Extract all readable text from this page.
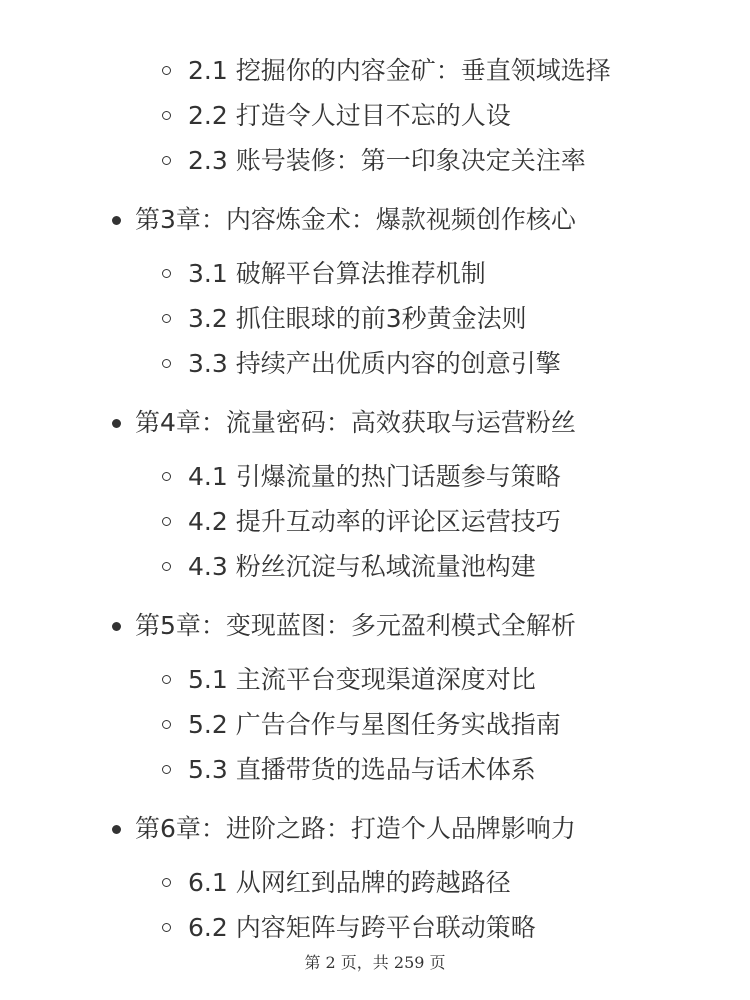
2.1 挖掘你的内容金矿：垂直领域选择
2.2 打造令人过目不忘的人设
2.3 账号装修：第一印象决定关注率
第3章：内容炼金术：爆款视频创作核心
3.1 破解平台算法推荐机制
3.2 抓住眼球的前3秒黄金法则
3.3 持续产出优质内容的创意引擎
第4章：流量密码：高效获取与运营粉丝
4.1 引爆流量的热门话题参与策略
4.2 提升互动率的评论区运营技巧
4.3 粉丝沉淀与私域流量池构建
第5章：变现蓝图：多元盈利模式全解析
5.1 主流平台变现渠道深度对比
5.2 广告合作与星图任务实战指南
5.3 直播带货的选品与话术体系
第6章：进阶之路：打造个人品牌影响力
6.1 从网红到品牌的跨越路径
6.2 内容矩阵与跨平台联动策略
第 2 页，共 259 页
